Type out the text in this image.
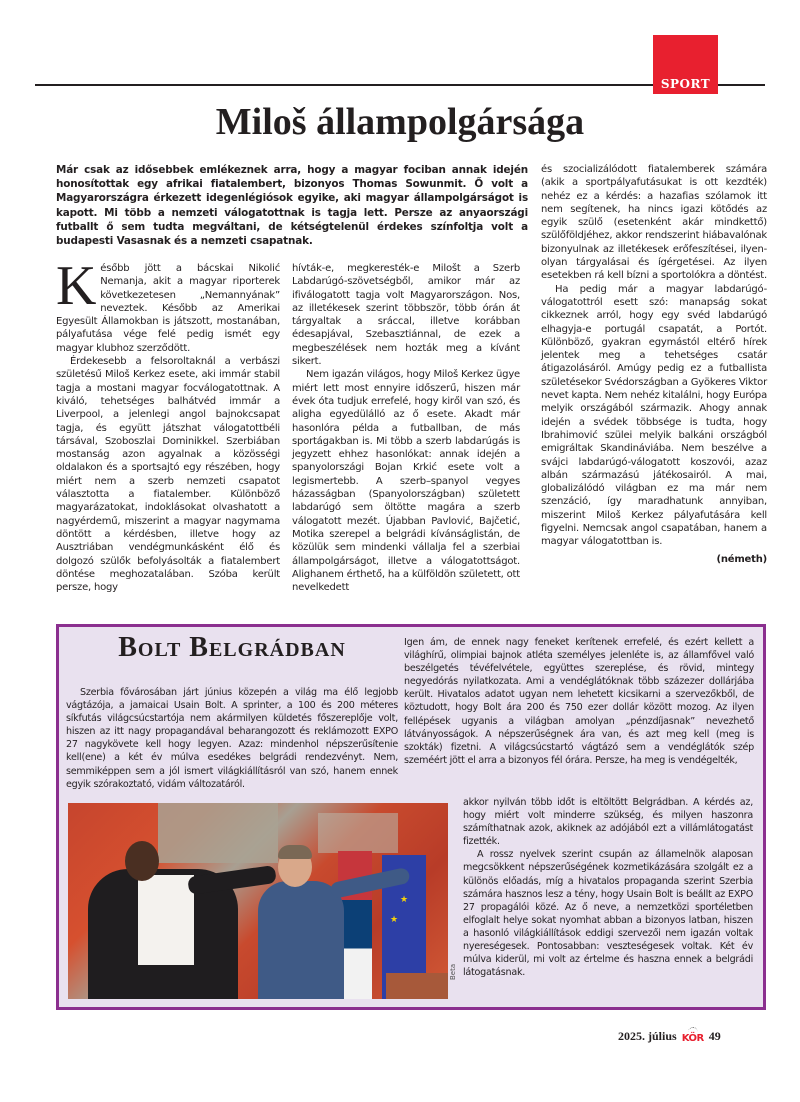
SPORT
Miloš állampolgársága
Már csak az idősebbek emlékeznek arra, hogy a magyar fociban annak idején honosítottak egy afrikai fiatalembert, bizonyos Thomas Sowunmit. Ő volt a Magyarországra érkezett idegenlégiósok egyike, aki magyar állampolgárságot is kapott. Mi több a nemzeti válogatottnak is tagja lett. Persze az anyaországi futballt ő sem tudta megváltani, de kétségtelenül érdekes színfoltja volt a budapesti Vasasnak és a nemzeti csapatnak.

Később jött a bácskai Nikolić Nemanja, akit a magyar riporterek következetesen „Nemannyának” neveztek. Később az Amerikai Egyesült Államokban is játszott, mostanában, pályafutása vége felé pedig ismét egy magyar klubhoz szerződött.

Érdekesebb a felsoroltaknál a verbászi születésű Miloš Kerkez esete, aki immár stabil tagja a mostani magyar focválogatottnak. A kiváló, tehetséges balhátvéd immár a Liverpool, a jelenlegi angol bajnokcsapat tagja, és együtt játszhat válogatottbéli társával, Szoboszlai Dominikkel. Szerbiában mostanság azon agyalnak a közösségi oldalakon és a sportsajtó egy részében, hogy miért nem a szerb nemzeti csapatot választotta a fiatalember. Különböző magyarázatokat, indoklásokat olvashatott a nagyérdemű, miszerint a magyar nagymama döntött a kérdésben, illetve hogy az Ausztriában vendégmunkásként élő és dolgozó szülők befolyásolták a fiatalembert döntése meghozatalában. Szóba került persze, hogy

hívták-e, megkeresték-e Milošt a Szerb Labdarúgó-szövetségből, amikor már az ifiválogatott tagja volt Magyarországon. Nos, az illetékesek szerint többször, több órán át tárgyaltak a sráccal, illetve korábban édesapjával, Szebasztiánnal, de ezek a megbeszélések nem hozták meg a kívánt sikert.

Nem igazán világos, hogy Miloš Kerkez ügye miért lett most ennyire időszerű, hiszen már évek óta tudjuk errefelé, hogy kiről van szó, és aligha egyedülálló az ő esete. Akadt már hasonlóra példa a futballban, de más sportágakban is. Mi több a szerb labdarúgás is jegyzett ehhez hasonlókat: annak idején a spanyolországi Bojan Krkić esete volt a legismertebb. A szerb–spanyol vegyes házasságban (Spanyolországban) született labdarúgó sem öltötte magára a szerb válogatott mezét. Újabban Pavlović, Bajčetić, Motika szerepel a belgrádi kívánságlistán, de közülük sem mindenki vállalja fel a szerbiai állampolgárságot, illetve a válogatottságot. Alighanem érthető, ha a külföldön született, ott nevelkedett

és szocializálódott fiatalemberek számára (akik a sportpályafutásukat is ott kezdték) nehéz ez a kérdés: a hazafias szólamok itt nem segítenek, ha nincs igazi kötődés az egyik szülő (esetenként akár mindkettő) szülőföldjéhez, akkor rendszerint hiábavalónak bizonyulnak az illetékesek erőfeszítései, ilyen-olyan tárgyalásai és ígérgetései. Az ilyen esetekben rá kell bízni a sportolókra a döntést.

Ha pedig már a magyar labdarúgó-válogatottról esett szó: manapság sokat cikkeznek arról, hogy egy svéd labdarúgó elhagyja-e portugál csapatát, a Portót. Különböző, gyakran egymástól eltérő hírek jelentek meg a tehetséges csatár átigazolásáról. Amúgy pedig ez a futballista születésekor Svédországban a Gyökeres Viktor nevet kapta. Nem nehéz kitalálni, hogy Európa melyik országából származik. Ahogy annak idején a svédek többsége is tudta, hogy Ibrahimović szülei melyik balkáni országból emigráltak Skandináviába. Nem beszélve a svájci labdarúgó-válogatott koszovói, azaz albán származású játékosairól. A mai, globalizálódó világban ez ma már nem szenzáció, így maradhatunk annyiban, miszerint Miloš Kerkez pályafutására kell figyelni. Nemcsak angol csapatában, hanem a magyar válogatottban is.

(németh)

Bolt Belgrádban

Szerbia fővárosában járt június közepén a világ ma élő legjobb vágtázója, a jamaicai Usain Bolt. A sprinter, a 100 és 200 méteres síkfutás világcsúcstartója nem akármilyen küldetés főszereplője volt, hiszen az itt nagy propagandával beharangozott és reklámozott EXPO 27 nagykövete kell hogy legyen. Azaz: mindenhol népszerűsítenie kell(ene) a két év múlva esedékes belgrádi rendezvényt. Nem, semmiképpen sem a jól ismert világkiállításról van szó, hanem ennek egyik szórakoztató, vidám változatáról.

Igen ám, de ennek nagy feneket kerítenek errefelé, és ezért kellett a világhírű, olimpiai bajnok atléta személyes jelenléte is, az államfővel való beszélgetés tévéfelvétele, együttes szereplése, és rövid, mintegy negyedórás nyilatkozata. Ami a vendéglátóknak több százezer dollárjába került. Hivatalos adatot ugyan nem lehetett kicsikarni a szervezőkből, de köztudott, hogy Bolt ára 200 és 750 ezer dollár között mozog. Az ilyen fellépések ugyanis a világban amolyan „pénzdíjasnak” nevezhető látványosságok. A népszerűségnek ára van, és azt meg kell (meg is szokták) fizetni. A világcsúcstartó vágtázó sem a vendéglátók szép szeméért jött el arra a bizonyos fél órára. Persze, ha meg is vendégelték,

akkor nyilván több időt is eltöltött Belgrádban. A kérdés az, hogy miért volt minderre szükség, és milyen haszonra számíthatnak azok, akiknek az adójából ezt a villámlátogatást fizették.

A rossz nyelvek szerint csupán az államelnök alaposan megcsökkent népszerűségének kozmetikázására szolgált ez a különös előadás, míg a hivatalos propaganda szerint Szerbia számára hasznos lesz a tény, hogy Usain Bolt is beállt az EXPO 27 propagálói közé. Az ő neve, a nemzetközi sportéletben elfoglalt helye sokat nyomhat abban a bizonyos latban, hiszen a hasonló világkiállítások eddigi szervezői nem igazán voltak nyereségesek. Pontosabban: veszteségesek voltak. Két év múlva kiderül, mi volt az értelme és haszna ennek a belgrádi látogatásnak.

★
★
Beta
2025. július KÖR 49
